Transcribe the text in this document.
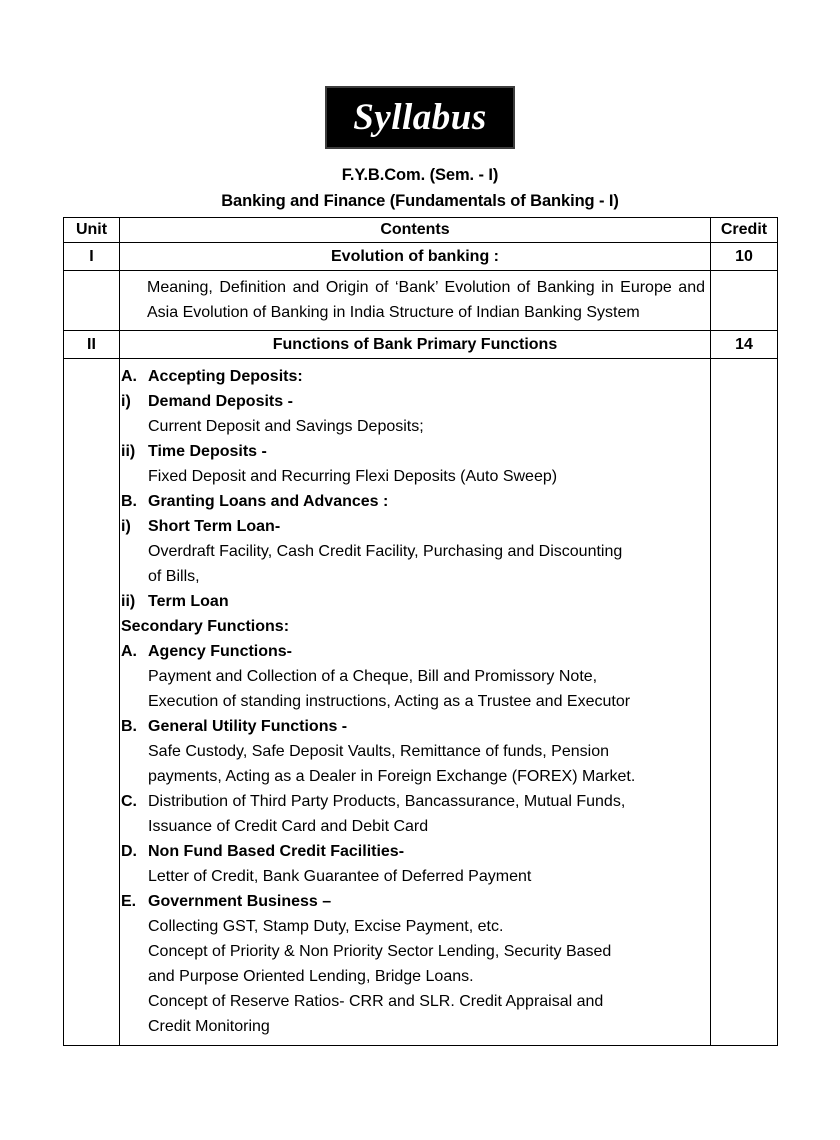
Syllabus
F.Y.B.Com. (Sem. - I)
Banking and Finance (Fundamentals of Banking - I)
Unit	Contents	Credit
I	Evolution of banking :	10

	Meaning, Definition and Origin of ‘Bank’ Evolution of Banking in Europe and Asia Evolution of Banking in India Structure of Indian Banking System	

II	Functions of Bank Primary Functions	14

A. Accepting Deposits:
i)	Demand Deposits -
Current Deposit and Savings Deposits;
ii) Time Deposits -
Fixed Deposit and Recurring Flexi Deposits (Auto Sweep)
B. Granting Loans and Advances :
i)	Short Term Loan-
Overdraft Facility, Cash Credit Facility, Purchasing and Discounting
of Bills,
ii) Term Loan
Secondary Functions:
A. Agency Functions-
Payment and Collection of a Cheque, Bill and Promissory Note,
Execution of standing instructions, Acting as a Trustee and Executor
B. General Utility Functions -
Safe Custody, Safe Deposit Vaults, Remittance of funds, Pension
payments, Acting as a Dealer in Foreign Exchange (FOREX) Market.
C. Distribution of Third Party Products, Bancassurance, Mutual Funds,
Issuance of Credit Card and Debit Card
D. Non Fund Based Credit Facilities-
Letter of Credit, Bank Guarantee of Deferred Payment
E. Government Business –
Collecting GST, Stamp Duty, Excise Payment, etc.
Concept of Priority & Non Priority Sector Lending, Security Based
and Purpose Oriented Lending, Bridge Loans.
Concept of Reserve Ratios- CRR and SLR. Credit Appraisal and
Credit Monitoring
